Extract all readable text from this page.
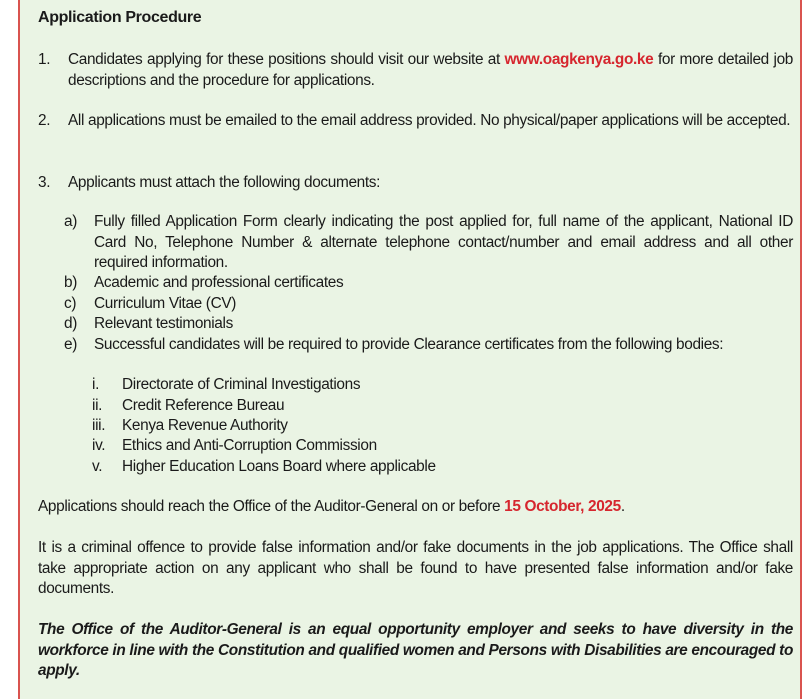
Application Procedure
1.	Candidates applying for these positions should visit our website at www.oagkenya.go.ke for more detailed job descriptions and the procedure for applications.
2.	All applications must be emailed to the email address provided. No physical/paper applications will be accepted.
3.	Applicants must attach the following documents:
a)	Fully filled Application Form clearly indicating the post applied for, full name of the applicant, National ID Card No, Telephone Number & alternate telephone contact/number and email address and all other required information.
b)	Academic and professional certificates
c)	Curriculum Vitae (CV)
d)	Relevant testimonials
e)	Successful candidates will be required to provide Clearance certificates from the following bodies:
i.	Directorate of Criminal Investigations
ii.	Credit Reference Bureau
iii.	Kenya Revenue Authority
iv.	Ethics and Anti-Corruption Commission
v.	Higher Education Loans Board where applicable
Applications should reach the Office of the Auditor-General on or before 15 October, 2025.
It is a criminal offence to provide false information and/or fake documents in the job applications. The Office shall take appropriate action on any applicant who shall be found to have presented false information and/or fake documents.
The Office of the Auditor-General is an equal opportunity employer and seeks to have diversity in the workforce in line with the Constitution and qualified women and Persons with Disabilities are encouraged to apply.
